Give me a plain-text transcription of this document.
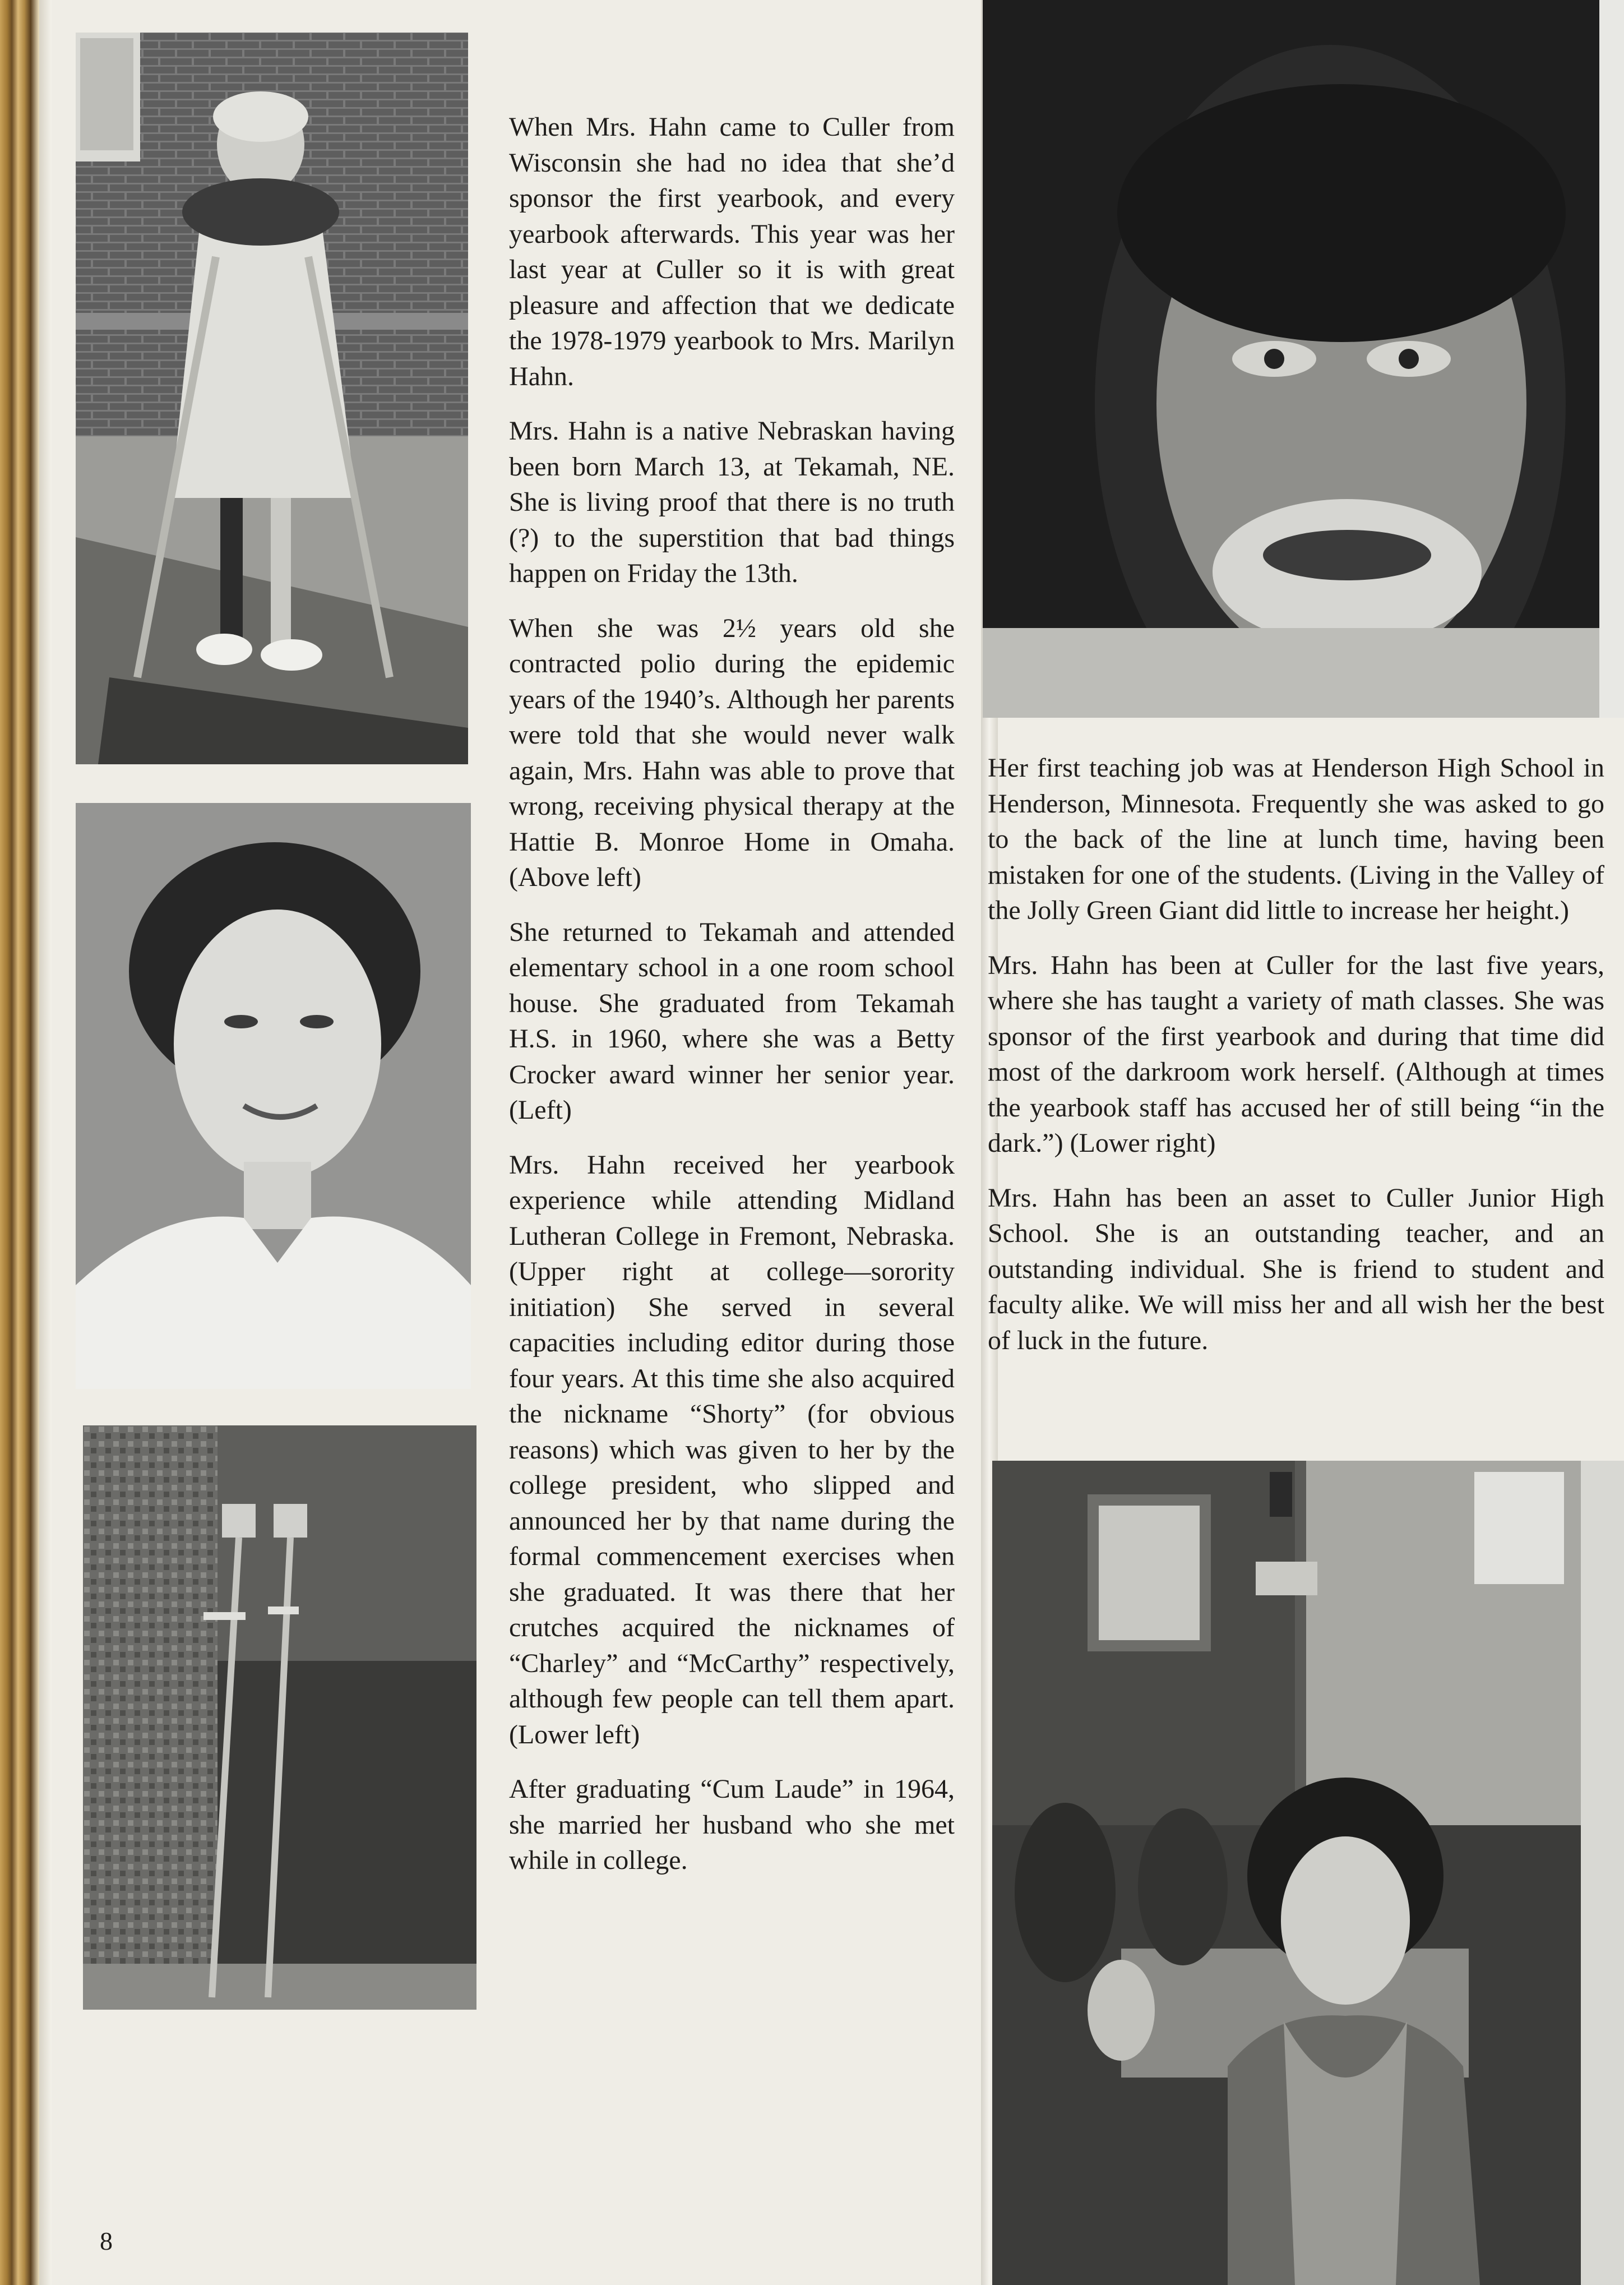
When Mrs. Hahn came to Culler from Wisconsin she had no idea that she’d sponsor the first yearbook, and every yearbook afterwards. This year was her last year at Culler so it is with great pleasure and affection that we dedicate the 1978-1979 yearbook to Mrs. Marilyn Hahn.

Mrs. Hahn is a native Nebraskan having been born March 13, at Tekamah, NE. She is living proof that there is no truth (?) to the superstition that bad things happen on Friday the 13th.

When she was 2½ years old she contracted polio during the epidemic years of the 1940’s. Although her parents were told that she would never walk again, Mrs. Hahn was able to prove that wrong, receiving physical therapy at the Hattie B. Monroe Home in Omaha. (Above left)

She returned to Tekamah and attended elementary school in a one room school house. She graduated from Tekamah H.S. in 1960, where she was a Betty Crocker award winner her senior year. (Left)

Mrs. Hahn received her yearbook experience while attending Midland Lutheran College in Fremont, Nebraska. (Upper right at college—sorority initiation) She served in several capacities including editor during those four years. At this time she also acquired the nickname “Shorty” (for obvious reasons) which was given to her by the college president, who slipped and announced her by that name during the formal commencement exercises when she graduated. It was there that her crutches acquired the nicknames of “Charley” and “McCarthy” respectively, although few people can tell them apart. (Lower left)

After graduating “Cum Laude” in 1964, she married her husband who she met while in college.

Her first teaching job was at Henderson High School in Henderson, Minnesota. Frequently she was asked to go to the back of the line at lunch time, having been mistaken for one of the students. (Living in the Valley of the Jolly Green Giant did little to increase her height.)

Mrs. Hahn has been at Culler for the last five years, where she has taught a variety of math classes. She was sponsor of the first yearbook and during that time did most of the darkroom work herself. (Although at times the yearbook staff has accused her of still being “in the dark.”) (Lower right)

Mrs. Hahn has been an asset to Culler Junior High School. She is an outstanding teacher, and an outstanding individual. She is friend to student and faculty alike. We will miss her and all wish her the best of luck in the future.

8
